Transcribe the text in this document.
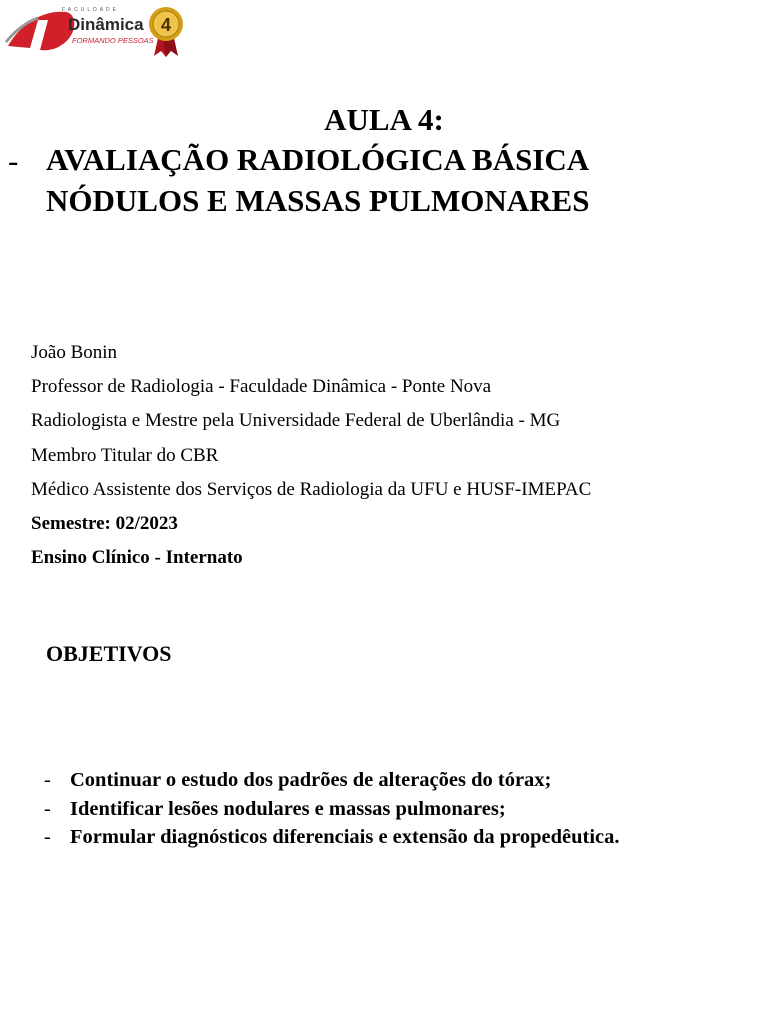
FACULDADE
Dinâmica
FORMANDO PESSOAS
4
AULA 4:
- AVALIAÇÃO RADIOLÓGICA BÁSICA
NÓDULOS E MASSAS PULMONARES
João Bonin
Professor de Radiologia - Faculdade Dinâmica - Ponte Nova
Radiologista e Mestre pela Universidade Federal de Uberlândia - MG
Membro Titular do CBR
Médico Assistente dos Serviços de Radiologia da UFU e HUSF-IMEPAC
Semestre: 02/2023
Ensino Clínico - Internato
OBJETIVOS
- Continuar o estudo dos padrões de alterações do tórax;
- Identificar lesões nodulares e massas pulmonares;
- Formular diagnósticos diferenciais e extensão da propedêutica.
